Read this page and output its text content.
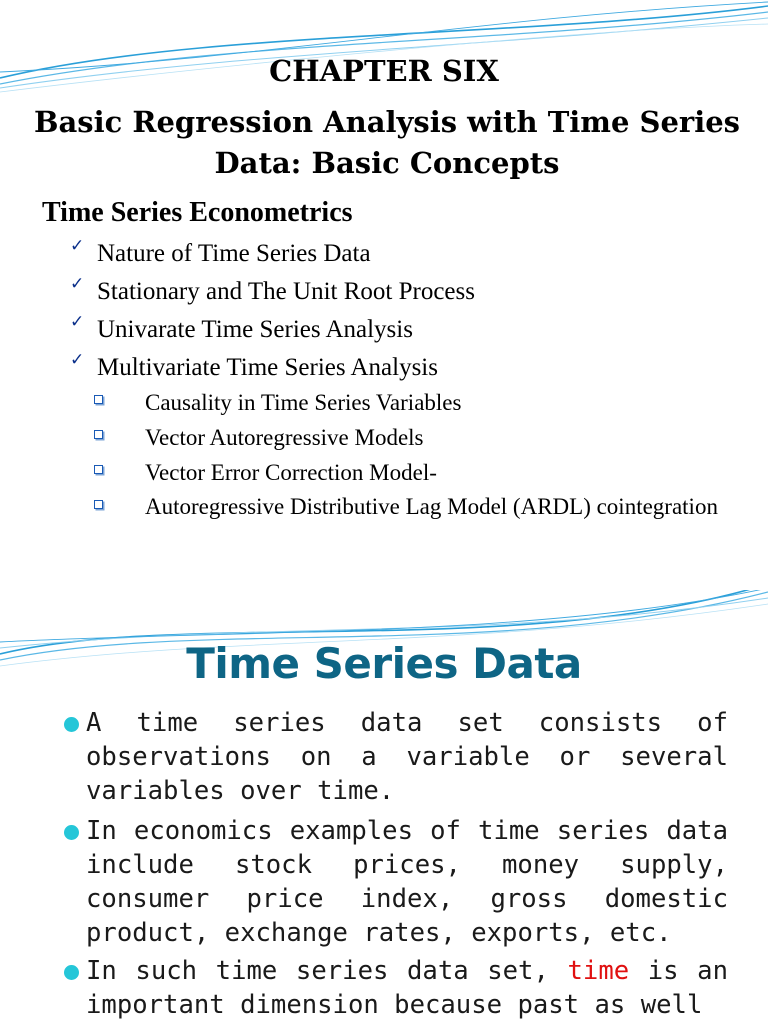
CHAPTER SIX
Basic Regression Analysis with Time Series Data: Basic Concepts
Time Series Econometrics
✓ Nature of Time Series Data
✓ Stationary and The Unit Root Process
✓ Univarate Time Series Analysis
✓ Multivariate Time Series Analysis
Causality in Time Series Variables
Vector Autoregressive Models
Vector Error Correction Model-
Autoregressive Distributive Lag Model (ARDL) cointegration
Time Series Data
A time series data set consists of observations on a variable or several variables over time.
In economics examples of time series data include stock prices, money supply, consumer price index, gross domestic product, exchange rates, exports, etc.
In such time series data set, time is an important dimension because past as well
